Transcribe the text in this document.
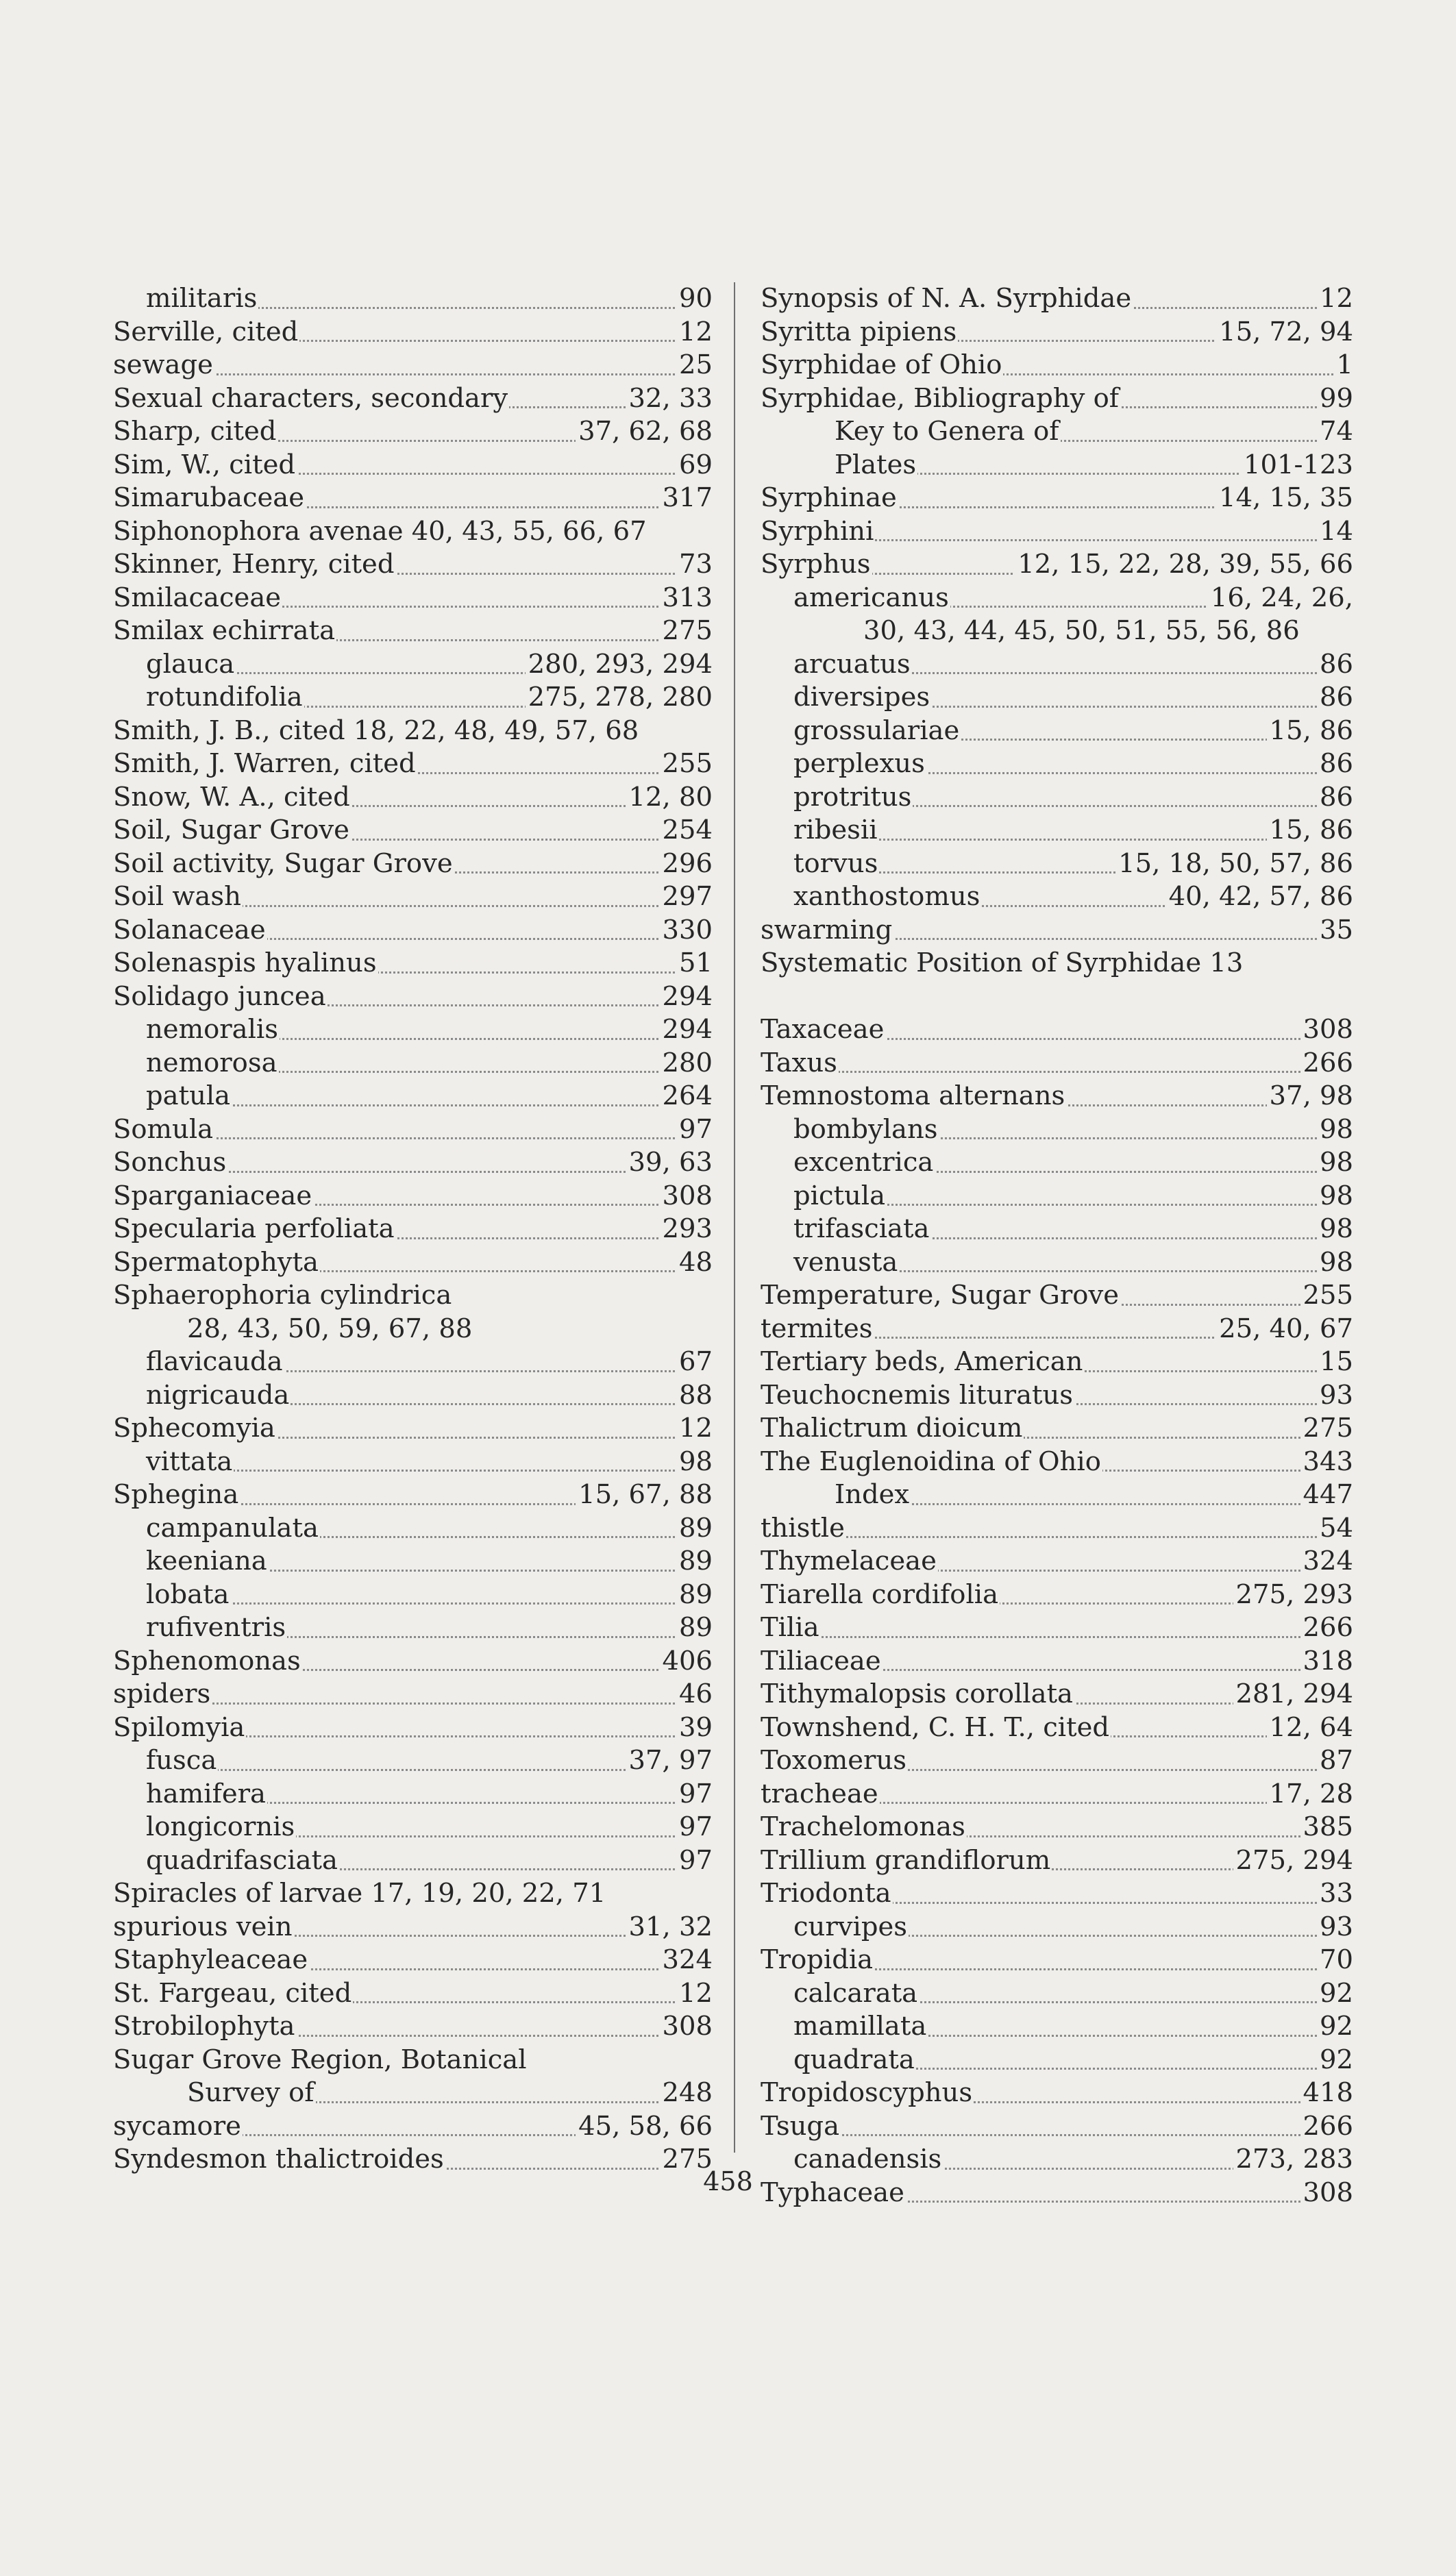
militaris	90
Serville, cited	12
sewage	25
Sexual characters, secondary	32, 33
Sharp, cited	37, 62, 68
Sim, W., cited	69
Simarubaceae	317
Siphonophora avenae 40, 43, 55, 66, 67
Skinner, Henry, cited	73
Smilacaceae	313
Smilax echirrata	275
glauca	280, 293, 294
rotundifolia	275, 278, 280
Smith, J. B., cited 18, 22, 48, 49, 57, 68
Smith, J. Warren, cited	255
Snow, W. A., cited	12, 80
Soil, Sugar Grove	254
Soil activity, Sugar Grove	296
Soil wash	297
Solanaceae	330
Solenaspis hyalinus	51
Solidago juncea	294
nemoralis	294
nemorosa	280
patula	264
Somula	97
Sonchus	39, 63
Sparganiaceae	308
Specularia perfoliata	293
Spermatophyta	48
Sphaerophoria cylindrica
28, 43, 50, 59, 67, 88
flavicauda	67
nigricauda	88
Sphecomyia	12
vittata	98
Sphegina	15, 67, 88
campanulata	89
keeniana	89
lobata	89
rufiventris	89
Sphenomonas	406
spiders	46
Spilomyia	39
fusca	37, 97
hamifera	97
longicornis	97
quadrifasciata	97
Spiracles of larvae 17, 19, 20, 22, 71
spurious vein	31, 32
Staphyleaceae	324
St. Fargeau, cited	12
Strobilophyta	308
Sugar Grove Region, Botanical
Survey of	248
sycamore	45, 58, 66
Syndesmon thalictroides	275
Synopsis of N. A. Syrphidae	12
Syritta pipiens	15, 72, 94
Syrphidae of Ohio	1
Syrphidae, Bibliography of	99
Key to Genera of	74
Plates	101-123
Syrphinae	14, 15, 35
Syrphini	14
Syrphus	12, 15, 22, 28, 39, 55, 66
americanus	16, 24, 26,
30, 43, 44, 45, 50, 51, 55, 56, 86
arcuatus	86
diversipes	86
grossulariae	15, 86
perplexus	86
protritus	86
ribesii	15, 86
torvus	15, 18, 50, 57, 86
xanthostomus	40, 42, 57, 86
swarming	35
Systematic Position of Syrphidae 13
Taxaceae	308
Taxus	266
Temnostoma alternans	37, 98
bombylans	98
excentrica	98
pictula	98
trifasciata	98
venusta	98
Temperature, Sugar Grove	255
termites	25, 40, 67
Tertiary beds, American	15
Teuchocnemis lituratus	93
Thalictrum dioicum	275
The Euglenoidina of Ohio	343
Index	447
thistle	54
Thymelaceae	324
Tiarella cordifolia	275, 293
Tilia	266
Tiliaceae	318
Tithymalopsis corollata	281, 294
Townshend, C. H. T., cited	12, 64
Toxomerus	87
tracheae	17, 28
Trachelomonas	385
Trillium grandiflorum	275, 294
Triodonta	33
curvipes	93
Tropidia	70
calcarata	92
mamillata	92
quadrata	92
Tropidoscyphus	418
Tsuga	266
canadensis	273, 283
Typhaceae	308
458
